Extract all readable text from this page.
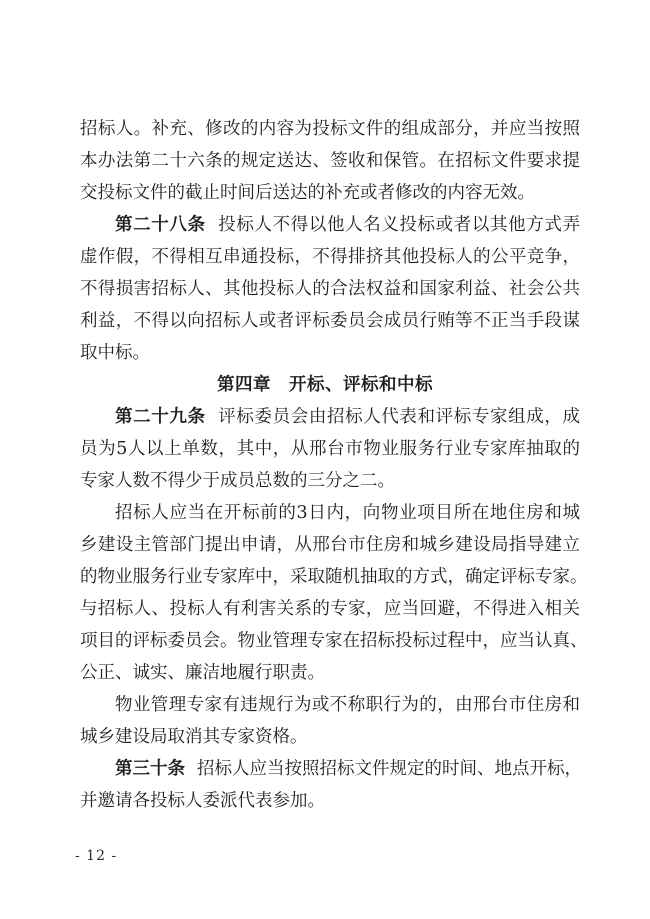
招标人。补充、修改的内容为投标文件的组成部分，并应当按照
本办法第二十六条的规定送达、签收和保管。在招标文件要求提
交投标文件的截止时间后送达的补充或者修改的内容无效。
第二十八条 投标人不得以他人名义投标或者以其他方式弄
虚作假，不得相互串通投标，不得排挤其他投标人的公平竞争，
不得损害招标人、其他投标人的合法权益和国家利益、社会公共
利益，不得以向招标人或者评标委员会成员行贿等不正当手段谋
取中标。
第四章 开标、评标和中标
第二十九条 评标委员会由招标人代表和评标专家组成，成
员为5人以上单数，其中，从邢台市物业服务行业专家库抽取的
专家人数不得少于成员总数的三分之二。
招标人应当在开标前的3日内，向物业项目所在地住房和城
乡建设主管部门提出申请，从邢台市住房和城乡建设局指导建立
的物业服务行业专家库中，采取随机抽取的方式，确定评标专家。
与招标人、投标人有利害关系的专家，应当回避，不得进入相关
项目的评标委员会。物业管理专家在招标投标过程中，应当认真、
公正、诚实、廉洁地履行职责。
物业管理专家有违规行为或不称职行为的，由邢台市住房和
城乡建设局取消其专家资格。
第三十条 招标人应当按照招标文件规定的时间、地点开标，
并邀请各投标人委派代表参加。
- 12 -
